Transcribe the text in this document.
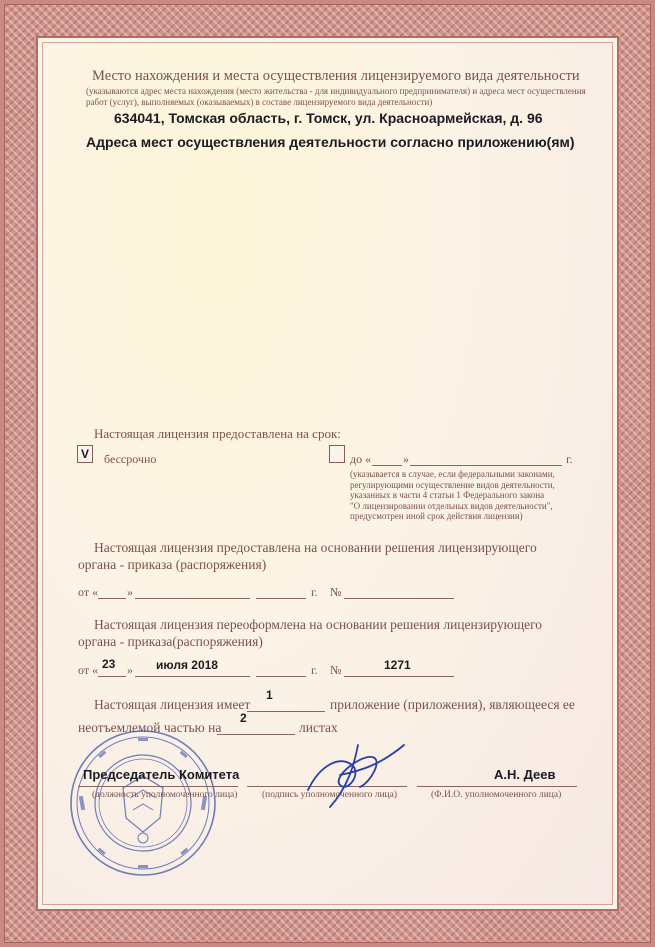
Место нахождения и места осуществления лицензируемого вида деятельности
(указываются адрес места нахождения (место жительства - для индивидуального предпринимателя) и адреса мест осуществления
работ (услуг), выполняемых (оказываемых) в составе лицензируемого вида деятельности)
634041, Томская область, г. Томск, ул. Красноармейская, д. 96
Адреса мест осуществления деятельности согласно приложению(ям)
Настоящая лицензия предоставлена на срок:
V	бессрочно	до «	»	г.
(указывается в случае, если федеральными законами,
регулирующими осуществление видов деятельности,
указанных в части 4 статьи 1 Федерального закона
"О лицензировании отдельных видов деятельности",
предусмотрен иной срок действия лицензии)
Настоящая лицензия предоставлена на основании решения лицензирующего
органа - приказа (распоряжения)
от « »	г. №
Настоящая лицензия переоформлена на основании решения лицензирующего
органа - приказа(распоряжения)
от « 23 » июля 2018	г. №	1271
Настоящая лицензия имеет
1
приложение (приложения), являющееся ее
неотъемлемой частью на
2
листах
Председатель Комитета	А.Н. Деев
(должность уполномоченного лица)	(подпись уполномоченного лица)	(Ф.И.О. уполномоченного лица)
